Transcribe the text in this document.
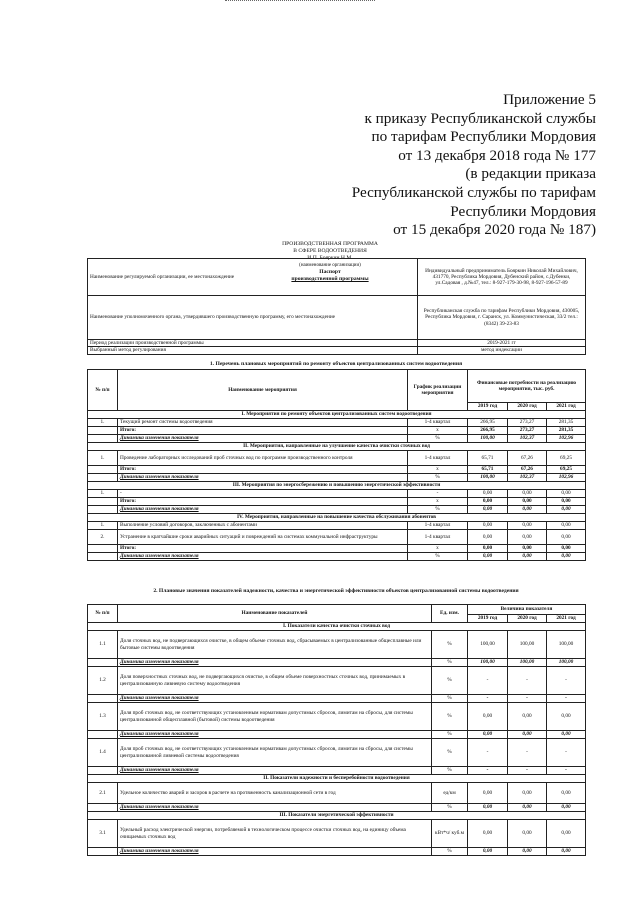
Приложение 5
к приказу Республиканской службы
по тарифам Республики Мордовия
от 13 декабря 2018 года № 177
(в редакции приказа
Республиканской службы по тарифам
Республики Мордовия
от 15 декабря 2020 года № 187)
ПРОИЗВОДСТВЕННАЯ ПРОГРАММА
В СФЕРЕ ВОДООТВЕДЕНИЯ
И.П. Бояркин Н.М.
(наименование организации)
Паспорт
производственной программы
Наименование регулируемой организации, ее местонахождение	Индивидуальный предприниматель Бояркин Николай Михайлович, 431770, Республика Мордовия, Дубенский район, с.Дубенки, ул.Садовая , д.№47, тел.: 8-927-179-30-98, 8-927-196-57-89
Наименование уполномоченного органа, утвердившего производственную программу, его местонахождение	Республиканская служба по тарифам Республики Мордовия, 430005, Республика Мордовия, г. Саранск, ул. Коммунистическая, 33/2 тел.: (8342) 39-23-83
Период реализации производственной программы	2019-2021 гг
Выбранный метод регулирования	метод индексации
1. Перечень плановых мероприятий по ремонту объектов централизованных систем водоотведения
№ п/п	Наименование мероприятия	График реализации мероприятия	Финансовые потребности на реализацию мероприятия, тыс. руб.		
			2019 год	2020 год	2021 год
I. Мероприятия по ремонту объектов централизованных систем водоотведения					
1.	Текущий ремонт системы водоотведения	1-4 квартал	266,95	273,27	281,35
	Итого:	х	266,95	273,27	281,35
	Динамика изменения показателя	%	100,00	102,37	102,96
II. Мероприятия, направленные на улучшение качества очистки сточных вод					
1.	Проведение лабораторных исследований проб сточных вод по программе производственного контроля	1-4 квартал	65,71	67,26	69,25
	Итого:	х	65,71	67,26	69,25
	Динамика изменения показателя	%	100,00	102,37	102,96
III. Мероприятия по энергосбережению и повышению энергетической эффективности					
1.	-	-	0,00	0,00	0,00
	Итого:	х	0,00	0,00	0,00
	Динамика изменения показателя	%	0,00	0,00	0,00
IV. Мероприятия, направленные на повышение качества обслуживания абонентов					
1.	Выполнение условий договоров, заключенных с абонентами	1-4 квартал	0,00	0,00	0,00
2.	Устранение в кратчайшие сроки аварийных ситуаций и повреждений на системах коммунальной инфраструктуры	1-4 квартал	0,00	0,00	0,00
	Итого:	х	0,00	0,00	0,00
	Динамика изменения показателя	%	0,00	0,00	0,00
2. Плановые значения показателей надежности, качества и энергетической эффективности объектов централизованной системы водоотведения
№ п/п	Наименование показателей	Ед. изм.	Величина показателя		
			2019 год	2020 год	2021 год
I. Показатели качества очистки сточных вод					
1.1	Доля сточных вод, не подвергающихся очистке, в общем объеме сточных вод, сбрасываемых в централизованные общесплавные или бытовые системы водоотведения	%	100,00	100,00	100,00
	Динамика изменения показателя	%	100,00	100,00	100,00
1.2	Доля поверхностных сточных вод, не подвергающихся очистке, в общем объеме поверхностных сточных вод, принимаемых в централизованную ливневую систему водоотведения	%	-	-	-
	Динамика изменения показателя	%	-	-	-
1.3	Доля проб сточных вод, не соответствующих установленным нормативам допустимых сбросов, лимитам на сбросы, для системы централизованной общесплавной (бытовой) системы водоотведения	%	0,00	0,00	0,00
	Динамика изменения показателя	%	0,00	0,00	0,00
1.4	Доля проб сточных вод, не соответствующих установленным нормативам допустимых сбросов, лимитам на сбросы, для системы централизованной ливневой системы водоотведения	%	-	-	-
	Динамика изменения показателя	%	-	-	-
II. Показатели надежности и бесперебойности водоотведения					
2.1	Удельное количество аварий и засоров в расчете на протяженность канализационной сети в год	ед/км	0,00	0,00	0,00
	Динамика изменения показателя	%	0,00	0,00	0,00
III. Показатели энергетической эффективности					
3.1	Удельный расход электрической энергии, потребляемой в технологическом процессе очистки сточных вод, на единицу объема очищаемых сточных вод	кВт*ч/ куб.м	0,00	0,00	0,00
	Динамика изменения показателя	%	0,00	0,00	0,00
